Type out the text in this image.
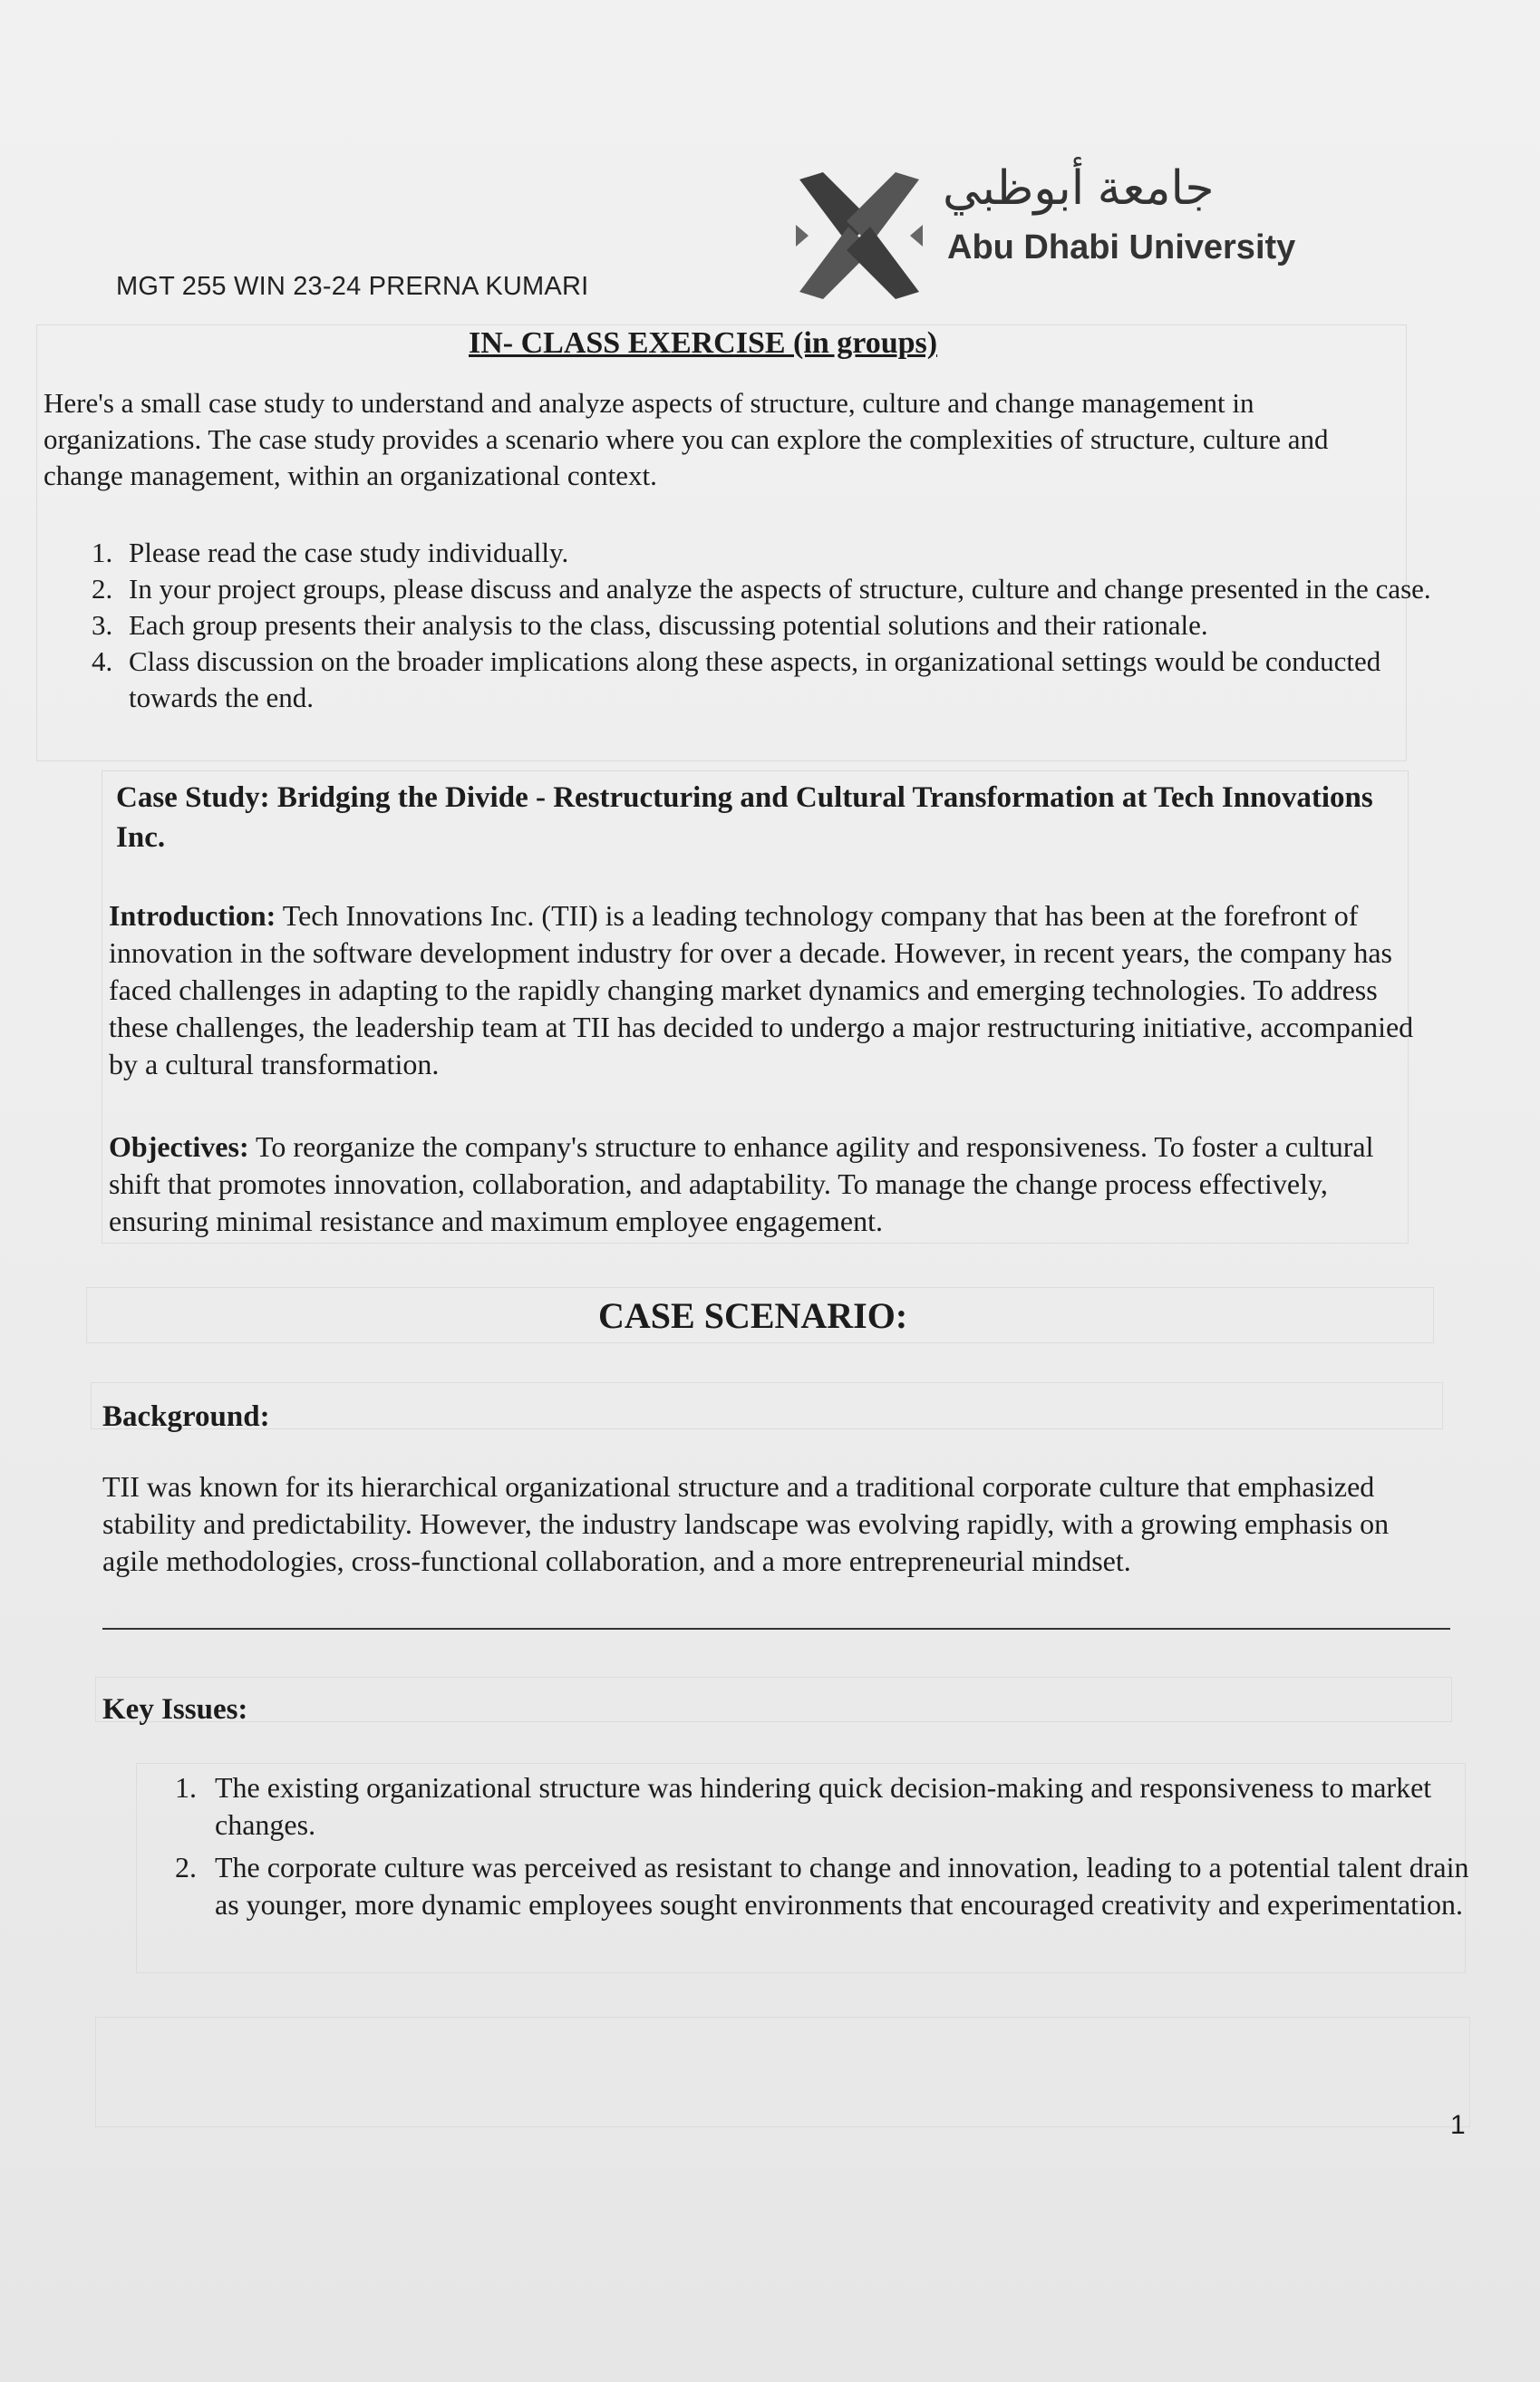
MGT 255 WIN 23-24 PRERNA KUMARI
جامعة أبوظبي
Abu Dhabi University
IN- CLASS EXERCISE (in groups)
Here's a small case study to understand and analyze aspects of structure, culture and change management in organizations. The case study provides a scenario where you can explore the complexities of structure, culture and change management, within an organizational context.
1. Please read the case study individually.
2. In your project groups, please discuss and analyze the aspects of structure, culture and change presented in the case.
3. Each group presents their analysis to the class, discussing potential solutions and their rationale.
4. Class discussion on the broader implications along these aspects, in organizational settings would be conducted towards the end.
Case Study: Bridging the Divide - Restructuring and Cultural Transformation at Tech Innovations Inc.
Introduction: Tech Innovations Inc. (TII) is a leading technology company that has been at the forefront of innovation in the software development industry for over a decade. However, in recent years, the company has faced challenges in adapting to the rapidly changing market dynamics and emerging technologies. To address these challenges, the leadership team at TII has decided to undergo a major restructuring initiative, accompanied by a cultural transformation.
Objectives: To reorganize the company's structure to enhance agility and responsiveness. To foster a cultural shift that promotes innovation, collaboration, and adaptability. To manage the change process effectively, ensuring minimal resistance and maximum employee engagement.
CASE SCENARIO:
Background:
TII was known for its hierarchical organizational structure and a traditional corporate culture that emphasized stability and predictability. However, the industry landscape was evolving rapidly, with a growing emphasis on agile methodologies, cross-functional collaboration, and a more entrepreneurial mindset.
Key Issues:
1. The existing organizational structure was hindering quick decision-making and responsiveness to market changes.
2. The corporate culture was perceived as resistant to change and innovation, leading to a potential talent drain as younger, more dynamic employees sought environments that encouraged creativity and experimentation.
1
